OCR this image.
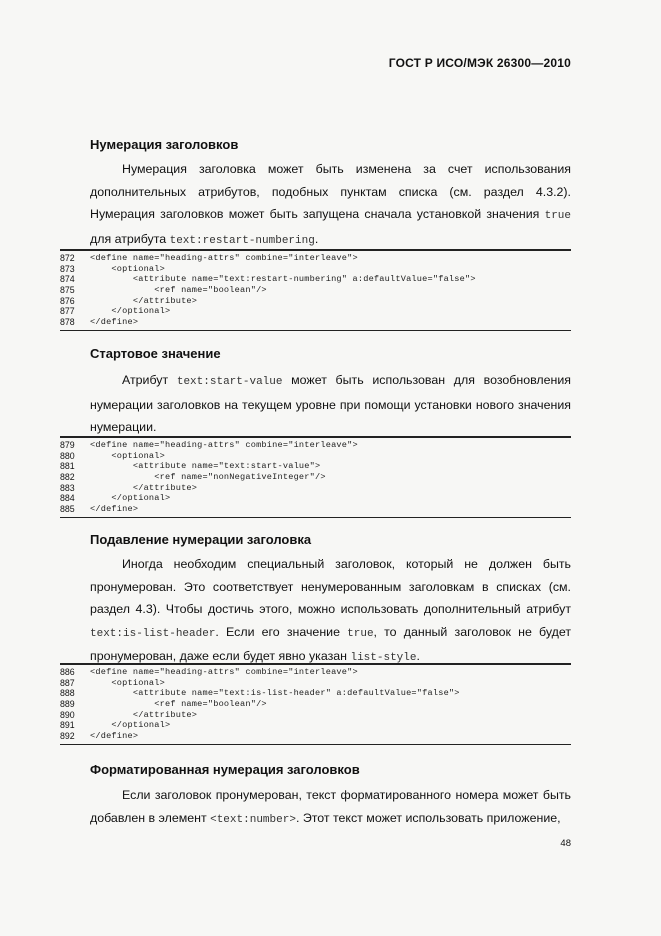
ГОСТ Р ИСО/МЭК 26300—2010
Нумерация заголовков
Нумерация заголовка может быть изменена за счет использования дополнительных атрибутов, подобных пунктам списка (см. раздел 4.3.2). Нумерация заголовков может быть запущена сначала установкой значения true для атрибута text:restart-numbering.
872	<define name="heading-attrs" combine="interleave">
873	<optional>
874	<attribute name="text:restart-numbering" a:defaultValue="false">
875	<ref name="boolean"/>
876	</attribute>
877	</optional>
878	</define>
Стартовое значение
Атрибут text:start-value может быть использован для возобновления нумерации заголовков на текущем уровне при помощи установки нового значения нумерации.
879	<define name="heading-attrs" combine="interleave">
880	<optional>
881	<attribute name="text:start-value">
882	<ref name="nonNegativeInteger"/>
883	</attribute>
884	</optional>
885	</define>
Подавление нумерации заголовка
Иногда необходим специальный заголовок, который не должен быть пронумерован. Это соответствует ненумерованным заголовкам в списках (см. раздел 4.3). Чтобы достичь этого, можно использовать дополнительный атрибут text:is-list-header. Если его значение true, то данный заголовок не будет пронумерован, даже если будет явно указан list-style.
886	<define name="heading-attrs" combine="interleave">
887	<optional>
888	<attribute name="text:is-list-header" a:defaultValue="false">
889	<ref name="boolean"/>
890	</attribute>
891	</optional>
892	</define>
Форматированная нумерация заголовков
Если заголовок пронумерован, текст форматированного номера может быть добавлен в элемент <text:number>. Этот текст может использовать приложение,
48
